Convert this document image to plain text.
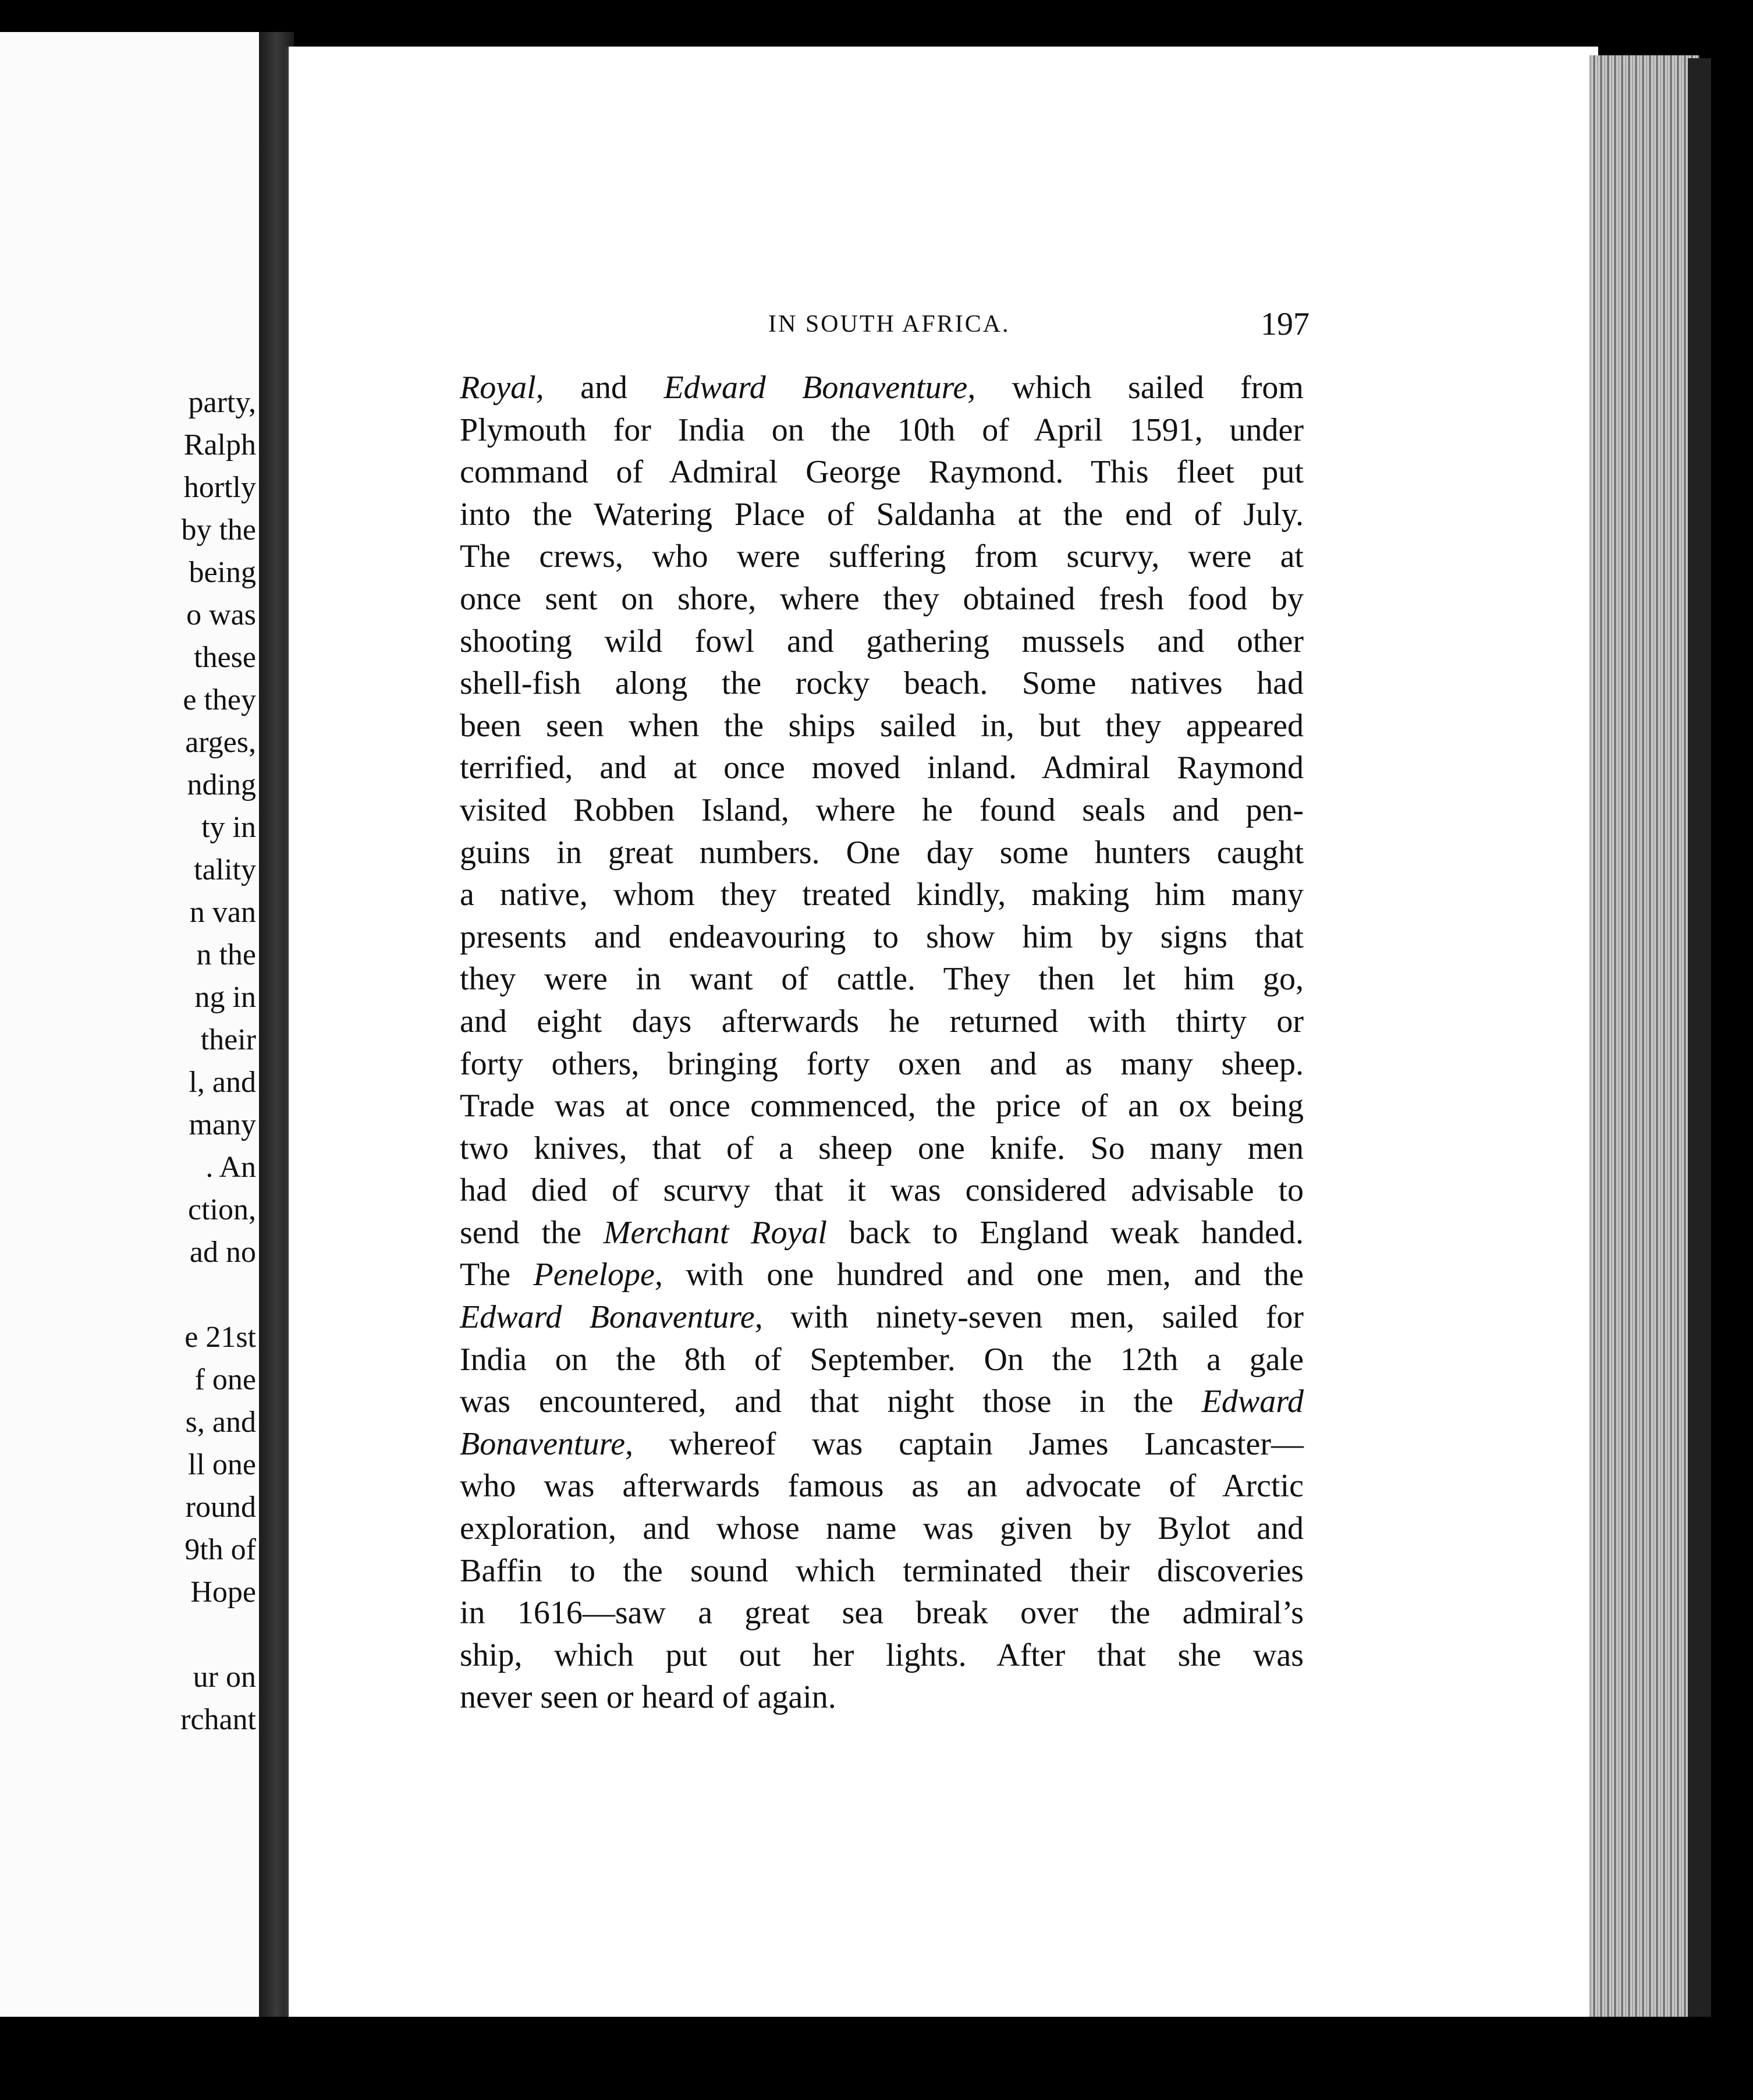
party,
Ralph
hortly
by the
being
o was
these
e they
arges,
nding
ty in
tality
n van
n the
ng in
their
l, and
many
. An
ction,
ad no
e 21st
f one
s, and
ll one
round
9th of
Hope
ur on
rchant
IN SOUTH AFRICA.	197
Royal, and Edward Bonaventure, which sailed from
Plymouth for India on the 10th of April 1591, under
command of Admiral George Raymond. This fleet put
into the Watering Place of Saldanha at the end of July.
The crews, who were suffering from scurvy, were at
once sent on shore, where they obtained fresh food by
shooting wild fowl and gathering mussels and other
shell-fish along the rocky beach. Some natives had
been seen when the ships sailed in, but they appeared
terrified, and at once moved inland. Admiral Raymond
visited Robben Island, where he found seals and pen-
guins in great numbers. One day some hunters caught
a native, whom they treated kindly, making him many
presents and endeavouring to show him by signs that
they were in want of cattle. They then let him go,
and eight days afterwards he returned with thirty or
forty others, bringing forty oxen and as many sheep.
Trade was at once commenced, the price of an ox being
two knives, that of a sheep one knife. So many men
had died of scurvy that it was considered advisable to
send the Merchant Royal back to England weak handed.
The Penelope, with one hundred and one men, and the
Edward Bonaventure, with ninety-seven men, sailed for
India on the 8th of September. On the 12th a gale
was encountered, and that night those in the Edward
Bonaventure, whereof was captain James Lancaster—
who was afterwards famous as an advocate of Arctic
exploration, and whose name was given by Bylot and
Baffin to the sound which terminated their discoveries
in 1616—saw a great sea break over the admiral’s
ship, which put out her lights. After that she was
never seen or heard of again.
